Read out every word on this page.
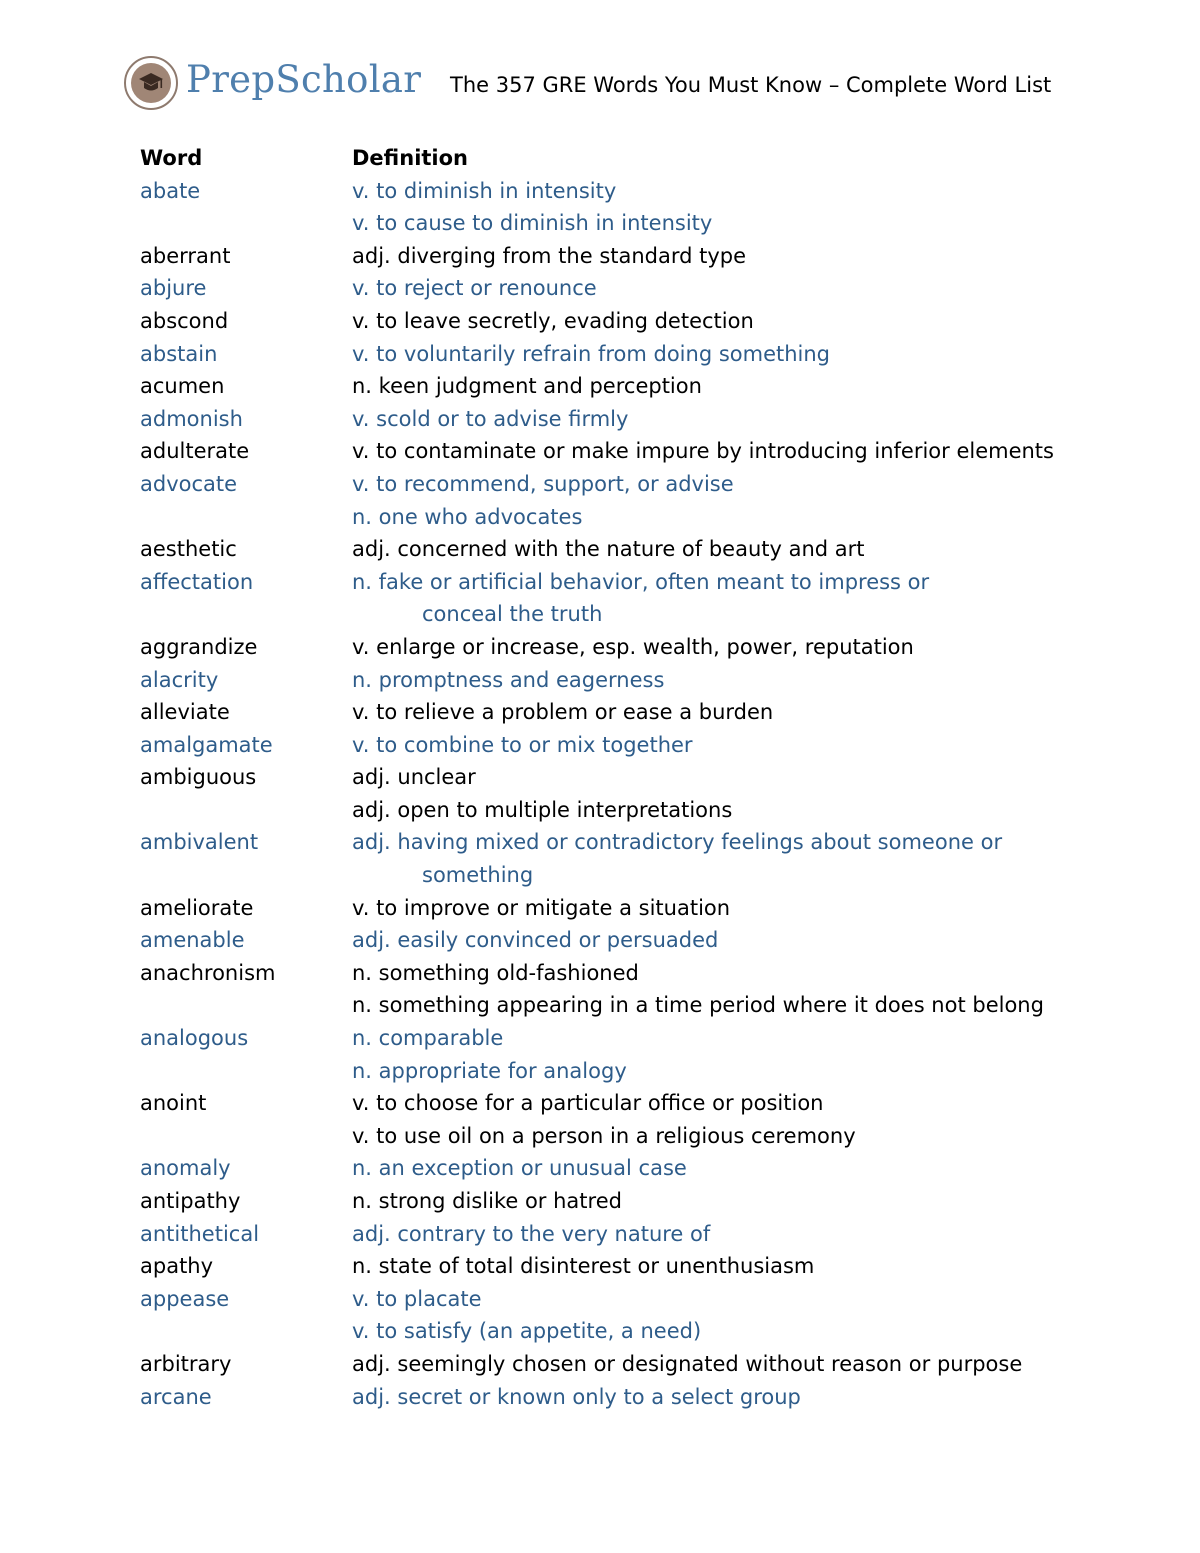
PrepScholar The 357 GRE Words You Must Know – Complete Word List
Word	Definition
abate	v. to diminish in intensity
v. to cause to diminish in intensity
aberrant	adj. diverging from the standard type
abjure	v. to reject or renounce
abscond	v. to leave secretly, evading detection
abstain	v. to voluntarily refrain from doing something
acumen	n. keen judgment and perception
admonish	v. scold or to advise firmly
adulterate	v. to contaminate or make impure by introducing inferior elements
advocate	v. to recommend, support, or advise
n. one who advocates
aesthetic	adj. concerned with the nature of beauty and art
affectation	n. fake or artificial behavior, often meant to impress or
conceal the truth
aggrandize	v. enlarge or increase, esp. wealth, power, reputation
alacrity	n. promptness and eagerness
alleviate	v. to relieve a problem or ease a burden
amalgamate	v. to combine to or mix together
ambiguous	adj. unclear
adj. open to multiple interpretations
ambivalent	adj. having mixed or contradictory feelings about someone or
something
ameliorate	v. to improve or mitigate a situation
amenable	adj. easily convinced or persuaded
anachronism	n. something old-fashioned
n. something appearing in a time period where it does not belong
analogous	n. comparable
n. appropriate for analogy
anoint	v. to choose for a particular office or position
v. to use oil on a person in a religious ceremony
anomaly	n. an exception or unusual case
antipathy	n. strong dislike or hatred
antithetical	adj. contrary to the very nature of
apathy	n. state of total disinterest or unenthusiasm
appease	v. to placate
v. to satisfy (an appetite, a need)
arbitrary	adj. seemingly chosen or designated without reason or purpose
arcane	adj. secret or known only to a select group
